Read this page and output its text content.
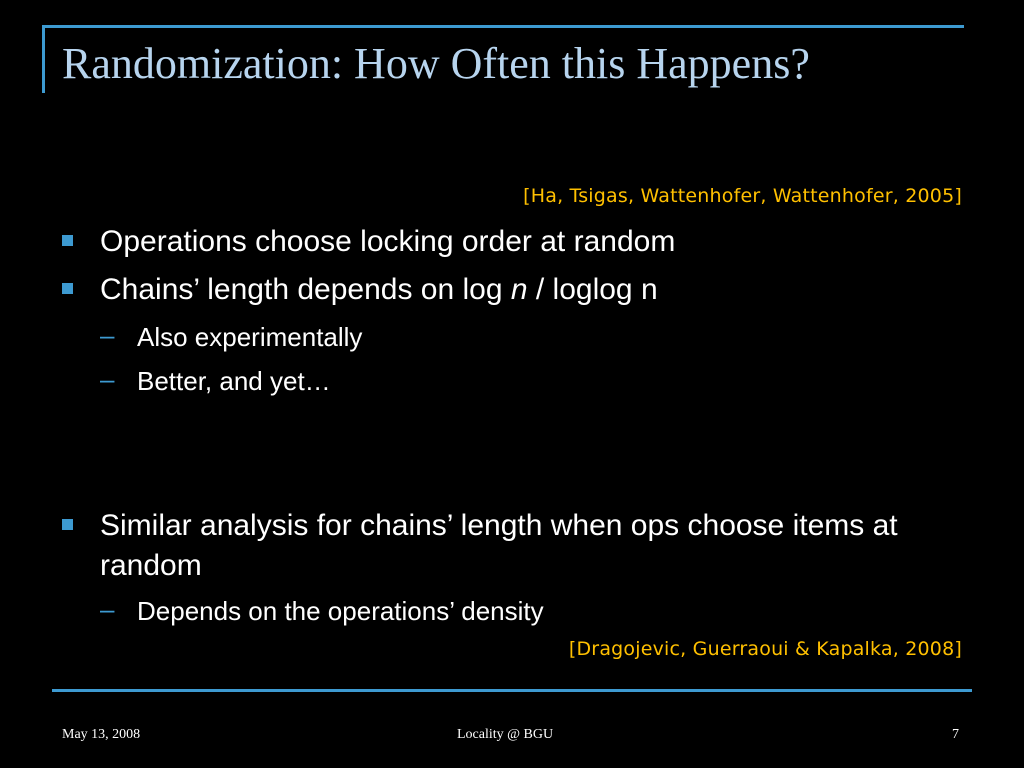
Randomization: How Often this Happens?
[Ha, Tsigas, Wattenhofer, Wattenhofer, 2005]
Operations choose locking order at random
Chains’ length depends on log n / loglog n
– Also experimentally
– Better, and yet…
Similar analysis for chains’ length when ops choose items at random
– Depends on the operations’ density
[Dragojevic, Guerraoui & Kapalka, 2008]
May 13, 2008	Locality @ BGU	7
